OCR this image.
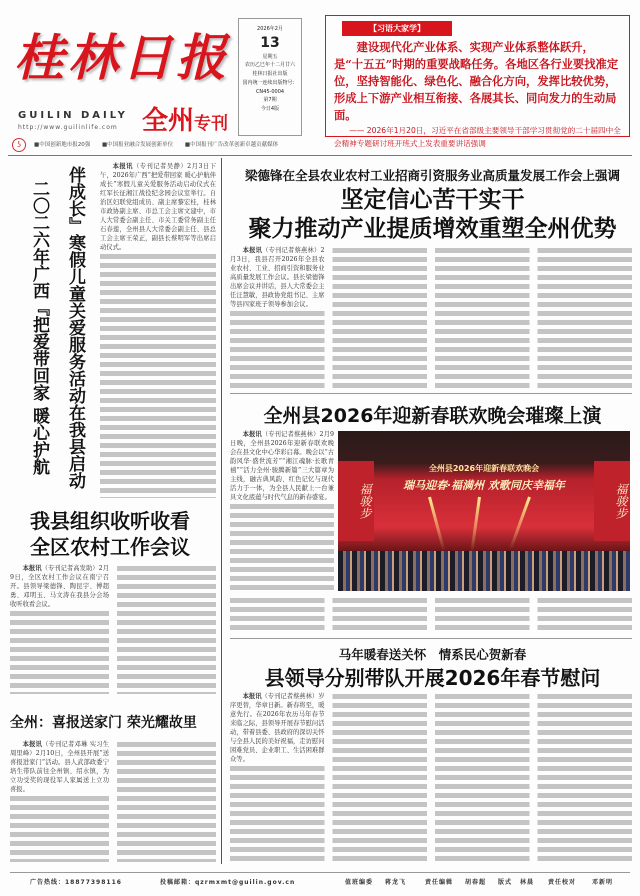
桂林日报
GUILIN DAILY
http://www.guilinlife.com 全州专刊
2026年2月
13
星期五
农历乙巳年十二月廿六
桂林日报社出版
国内统一连续出版物号：
CN45-0004
第7期
今日4版
【习语大家学】
建设现代化产业体系、实现产业体系整体跃升，是“十五五”时期的重要战略任务。各地区各行业要找准定位，坚持智能化、绿色化、融合化方向，发挥比较优势，形成上下游产业相互衔接、各展其长、同向发力的生动局面。
—— 2026年1月20日，习近平在省部级主要领导干部学习贯彻党的二十届四中全会精神专题研讨班开班式上发表重要讲话强调
ʖ	■中国创新地市报20强 ■中国报业融合发展创新单位 ■中国报刊广告改革创新卓越贡献媒体
二〇二六年广西『把爱带回家 暖心护航 伴成长』寒假儿童关爱服务活动在我县启动	本报讯（专刊记者吴静）2月3日下午，2026年广西“把爱带回家 暖心护航伴成长”寒假儿童关爱服务活动启动仪式在红军长征湘江战役纪念园会议室举行。自治区妇联党组成员、副主席黎宏桂，桂林市政协副主席、市总工会主席文建中，市人大常委会副主任、市关工委常务副主任石春莲，全州县人大常委会副主任、县总工会主席王荣正，副县长蔡明军等出席启动仪式。

我县组织收听收看
全区农村工作会议

本报讯（专刊记者高发助）2月9日，全区农村工作会议在南宁召开。县领导梁德锋、陶昆宇、傅超勇、邓明玉、马文涛在我县分会场收听收看会议。

全州：喜报送家门 荣光耀故里

本报讯（专刊记者邓琳 实习生周里峰）2月10日，全州县开展“送喜报进家门”活动。县人武部政委宁培生带队前往全州镇、绍水镇，为立功受奖的现役军人家属送上立功喜报。

梁德锋在全县农业农村工业招商引资服务业高质量发展工作会上强调
坚定信心苦干实干
聚力推动产业提质增效重塑全州优势

本报讯（专刊记者蔡燕林）2月3日，我县召开2026年全县农业农村、工业、招商引资和服务业高质量发展工作会议。县长梁德锋出席会议并讲话，县人大常委会主任汪慧敏，县政协党组书记、主席等县四家班子领导参加会议。

全州县2026年迎新春联欢晚会璀璨上演

本报讯（专刊记者蔡燕林）2月9日晚，全州县2026年迎新春联欢晚会在县文化中心华彩启幕。晚会以“古韵风华·盛世流芳”“湘江魂脉·长歌青禧”“活力全州·骏腾新篇”三大篇章为主线，融古典风韵、红色记忆与现代活力于一体，为全县人民献上一台兼具文化底蕴与时代气息的新春盛宴。	福骏步	福骏步
全州县2026年迎新春联欢晚会
瑞马迎春·福满州 欢歌同庆幸福年
马年暖春送关怀　情系民心贺新春
县领导分别带队开展2026年春节慰问

本报讯（专刊记者蔡燕林）岁序更替，华章日新。新春将至，暖意先行。在2026年农历马年春节来临之际，县领导开展春节慰问活动，带着县委、县政府的深切关怀与全县人民的美好祝福，走访慰问困难党员、企业职工、生活困难群众等。

广告热线：18877398116	投稿邮箱：qzrmxmt@guilin.gov.cn	值班编委 蒋龙飞	责任编辑 胡春超 版式 林晨 责任校对	邓新明
